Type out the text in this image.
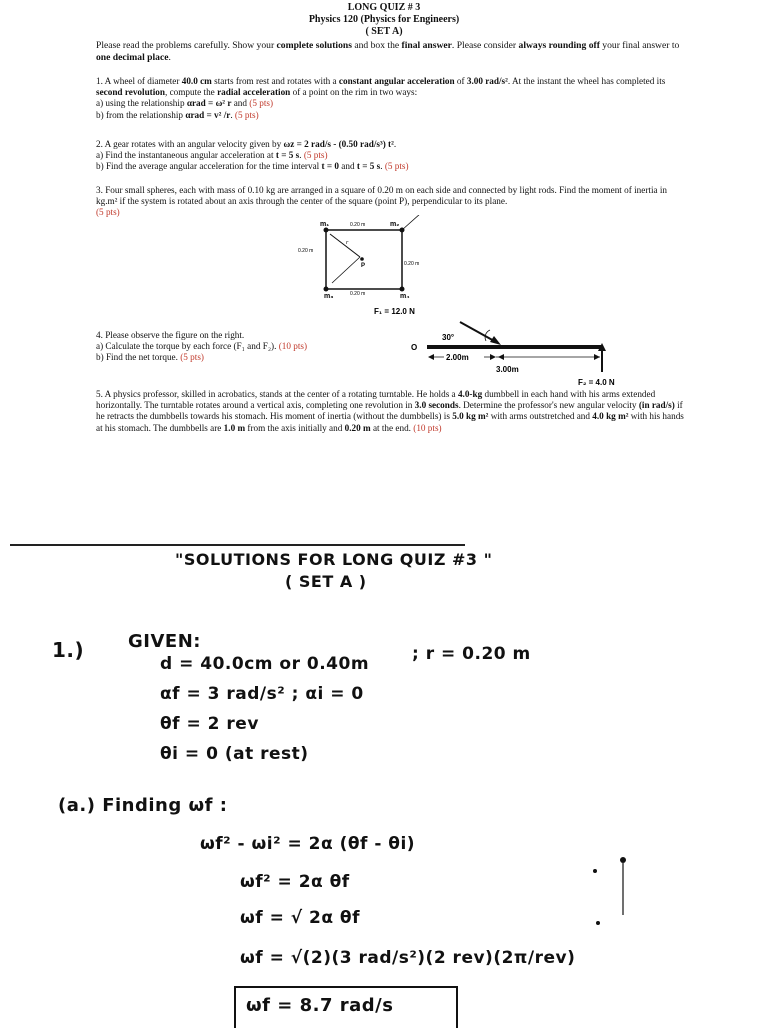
LONG QUIZ # 3
Physics 120 (Physics for Engineers)
( SET A)
Please read the problems carefully. Show your complete solutions and box the final answer. Please consider always rounding off your final answer to one decimal place.
1. A wheel of diameter 40.0 cm starts from rest and rotates with a constant angular acceleration of 3.00 rad/s². At the instant the wheel has completed its second revolution, compute the radial acceleration of a point on the rim in two ways:
a) using the relationship αrad = ω² r and (5 pts)
b) from the relationship αrad = v² /r. (5 pts)
2. A gear rotates with an angular velocity given by ωz = 2 rad/s - (0.50 rad/s³) t².
a) Find the instantaneous angular acceleration at t = 5 s. (5 pts)
b) Find the average angular acceleration for the time interval t = 0 and t = 5 s. (5 pts)
3. Four small spheres, each with mass of 0.10 kg are arranged in a square of 0.20 m on each side and connected by light rods. Find the moment of inertia in kg.m² if the system is rotated about an axis through the center of the square (point P), perpendicular to its plane.
(5 pts)
m₁	m₂
m₃	m₄
0.20 m
0.20 m
0.20 m
0.20 m
P
r
4. Please observe the figure on the right.
a) Calculate the torque by each force (F₁ and F₂). (10 pts)
b) Find the net torque. (5 pts)
F₁ = 12.0 N
30°
O
2.00m
3.00m
F₂ = 4.0 N
5. A physics professor, skilled in acrobatics, stands at the center of a rotating turntable. He holds a 4.0-kg dumbbell in each hand with his arms extended horizontally. The turntable rotates around a vertical axis, completing one revolution in 3.0 seconds. Determine the professor's new angular velocity (in rad/s) if he retracts the dumbbells towards his stomach. His moment of inertia (without the dumbbells) is 5.0 kg m² with arms outstretched and 4.0 kg m² with his hands at his stomach. The dumbbells are 1.0 m from the axis initially and 0.20 m at the end. (10 pts)
"SOLUTIONS FOR LONG QUIZ #3 "
( SET A )
1.) GIVEN:
d = 40.0cm or 0.40m	; r = 0.20 m
αf = 3 rad/s² ; αi = 0
θf = 2 rev
θi = 0 (at rest)
(a.) Finding ωf :
ωf² - ωi² = 2α (θf - θi)
ωf² = 2α θf
ωf = √ 2α θf
ωf = √(2)(3 rad/s²)(2 rev)(2π/rev)
ωf = 8.7 rad/s
